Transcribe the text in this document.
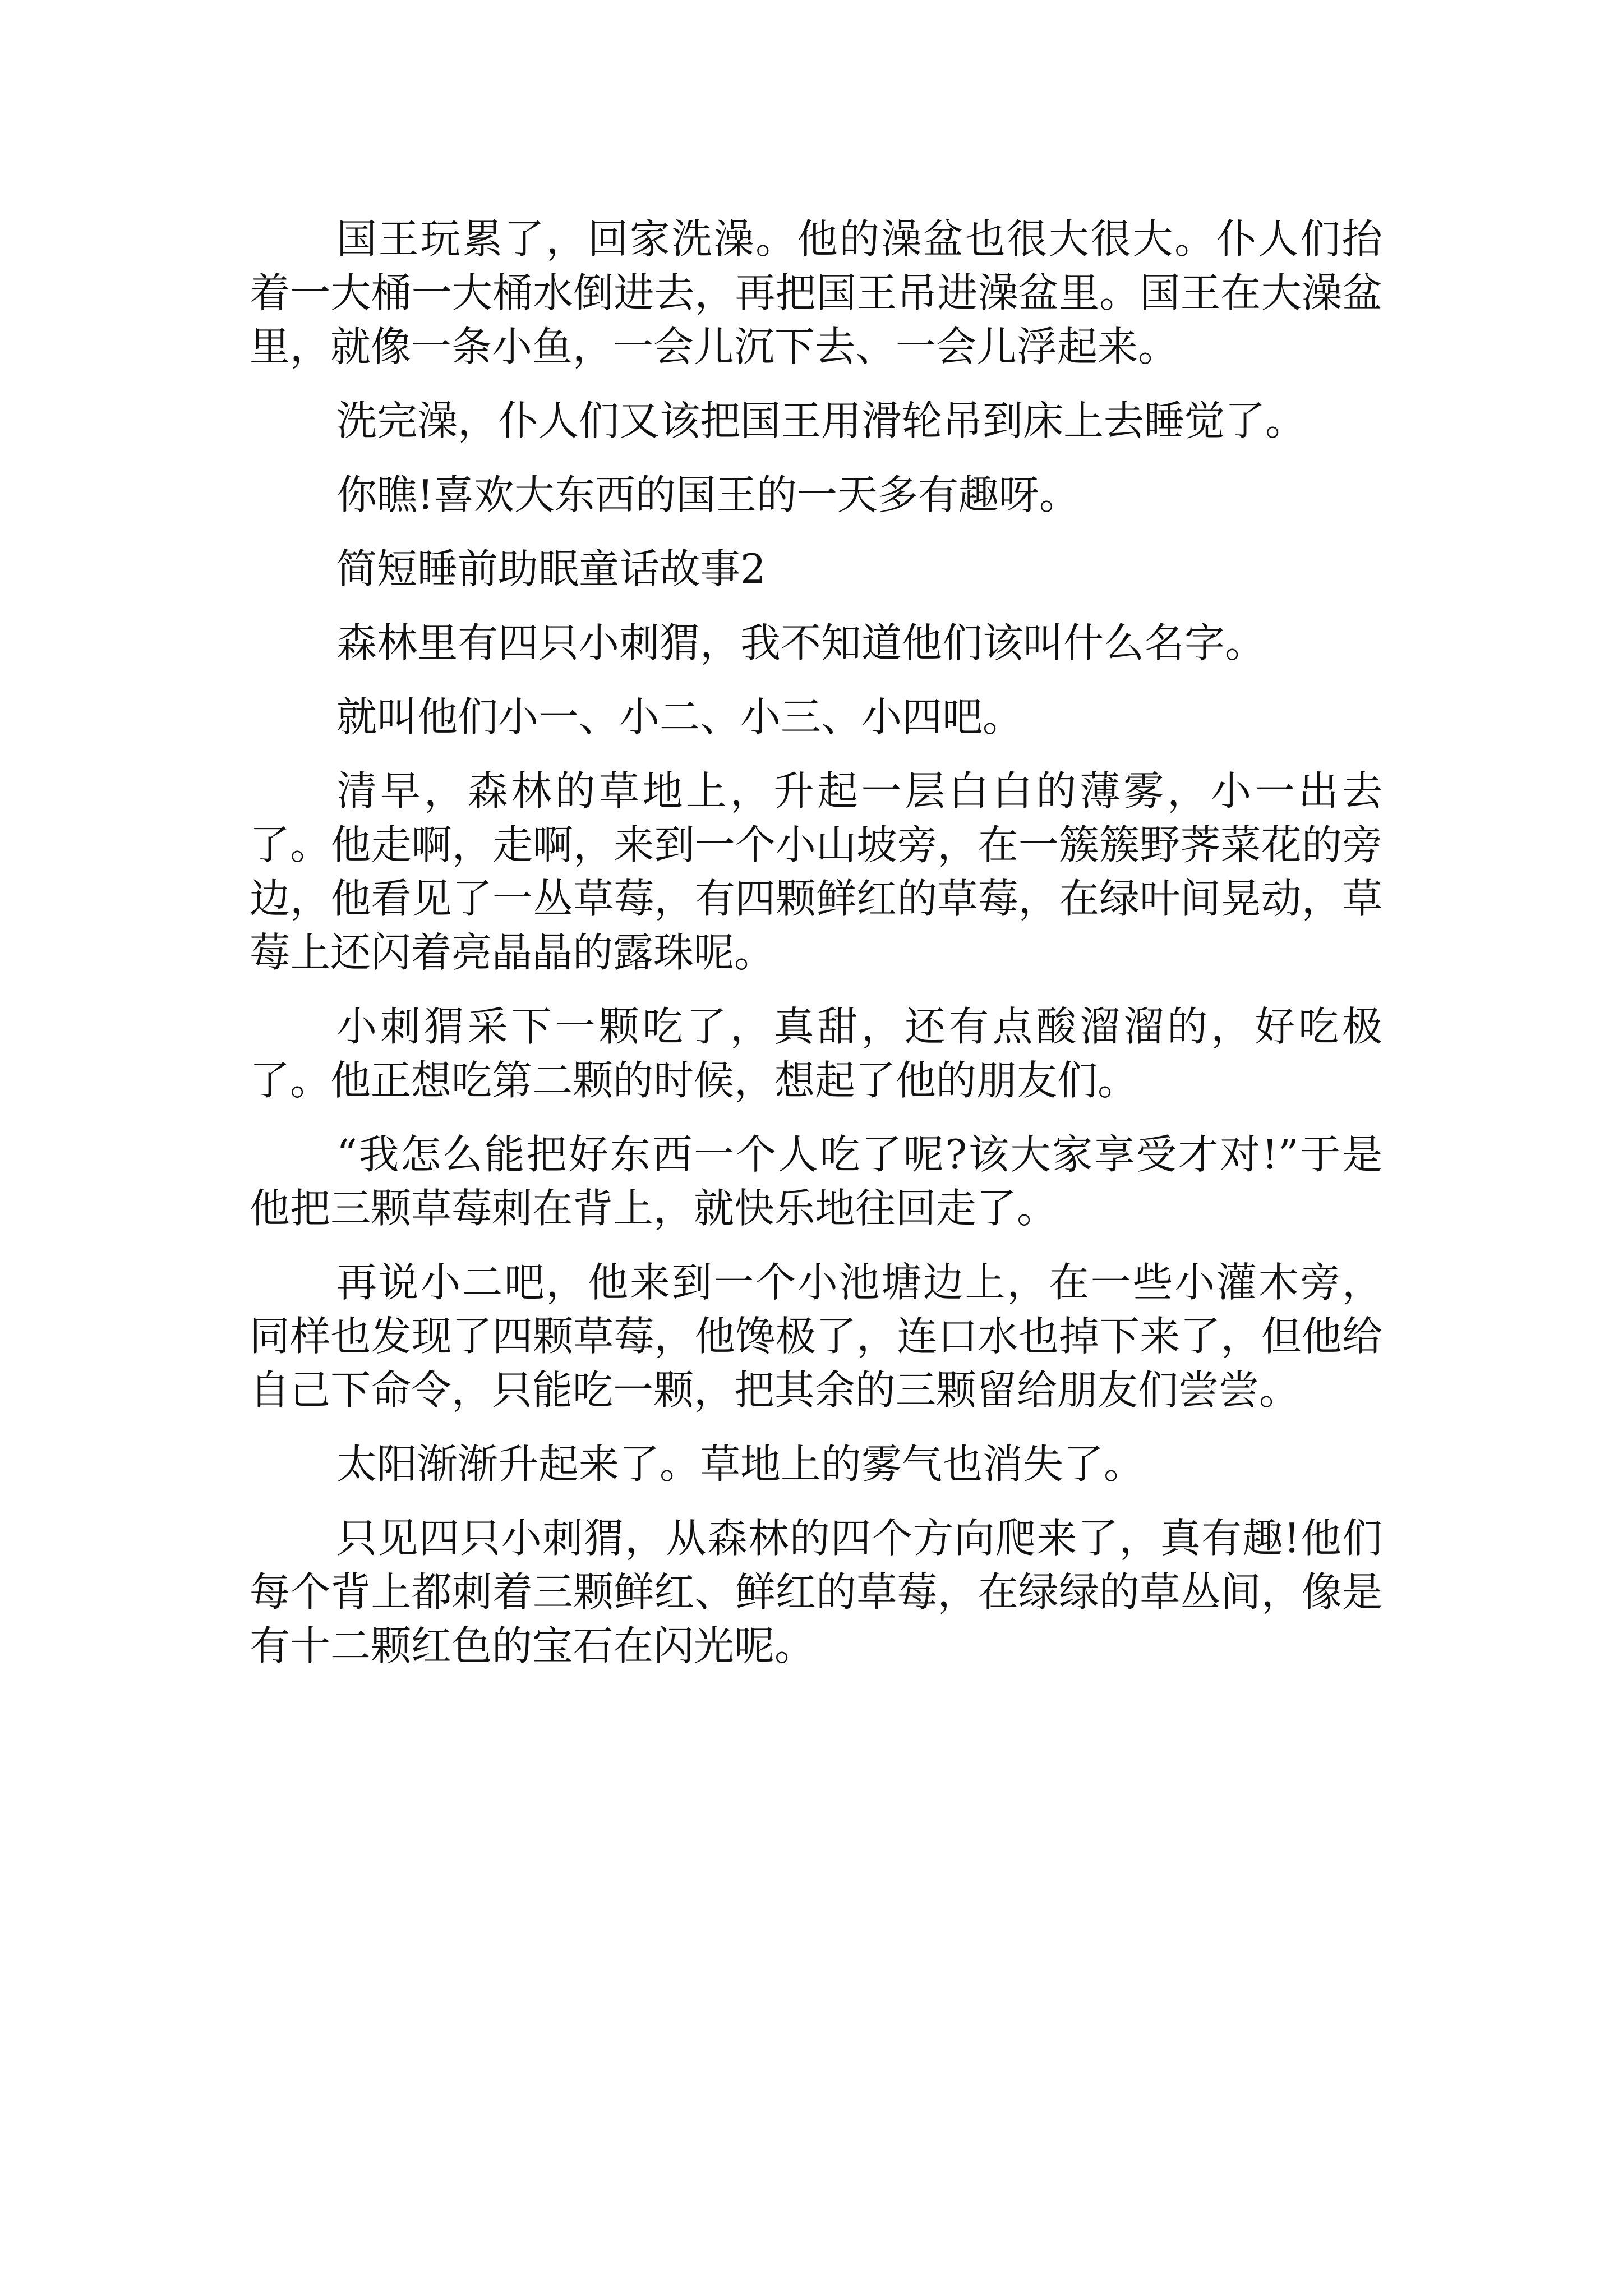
国王玩累了，回家洗澡。他的澡盆也很大很大。仆人们抬着一大桶一大桶水倒进去，再把国王吊进澡盆里。国王在大澡盆里，就像一条小鱼，一会儿沉下去、一会儿浮起来。

洗完澡，仆人们又该把国王用滑轮吊到床上去睡觉了。

你瞧!喜欢大东西的国王的一天多有趣呀。

简短睡前助眠童话故事2

森林里有四只小刺猬，我不知道他们该叫什么名字。

就叫他们小一、小二、小三、小四吧。

清早，森林的草地上，升起一层白白的薄雾，小一出去了。他走啊，走啊，来到一个小山坡旁，在一簇簇野荠菜花的旁边，他看见了一丛草莓，有四颗鲜红的草莓，在绿叶间晃动，草莓上还闪着亮晶晶的露珠呢。

小刺猬采下一颗吃了，真甜，还有点酸溜溜的，好吃极了。他正想吃第二颗的时候，想起了他的朋友们。

“我怎么能把好东西一个人吃了呢?该大家享受才对!”于是他把三颗草莓刺在背上，就快乐地往回走了。

再说小二吧，他来到一个小池塘边上，在一些小灌木旁，同样也发现了四颗草莓，他馋极了，连口水也掉下来了，但他给自己下命令，只能吃一颗，把其余的三颗留给朋友们尝尝。

太阳渐渐升起来了。草地上的雾气也消失了。

只见四只小刺猬，从森林的四个方向爬来了，真有趣!他们每个背上都刺着三颗鲜红、鲜红的草莓，在绿绿的草丛间，像是有十二颗红色的宝石在闪光呢。
